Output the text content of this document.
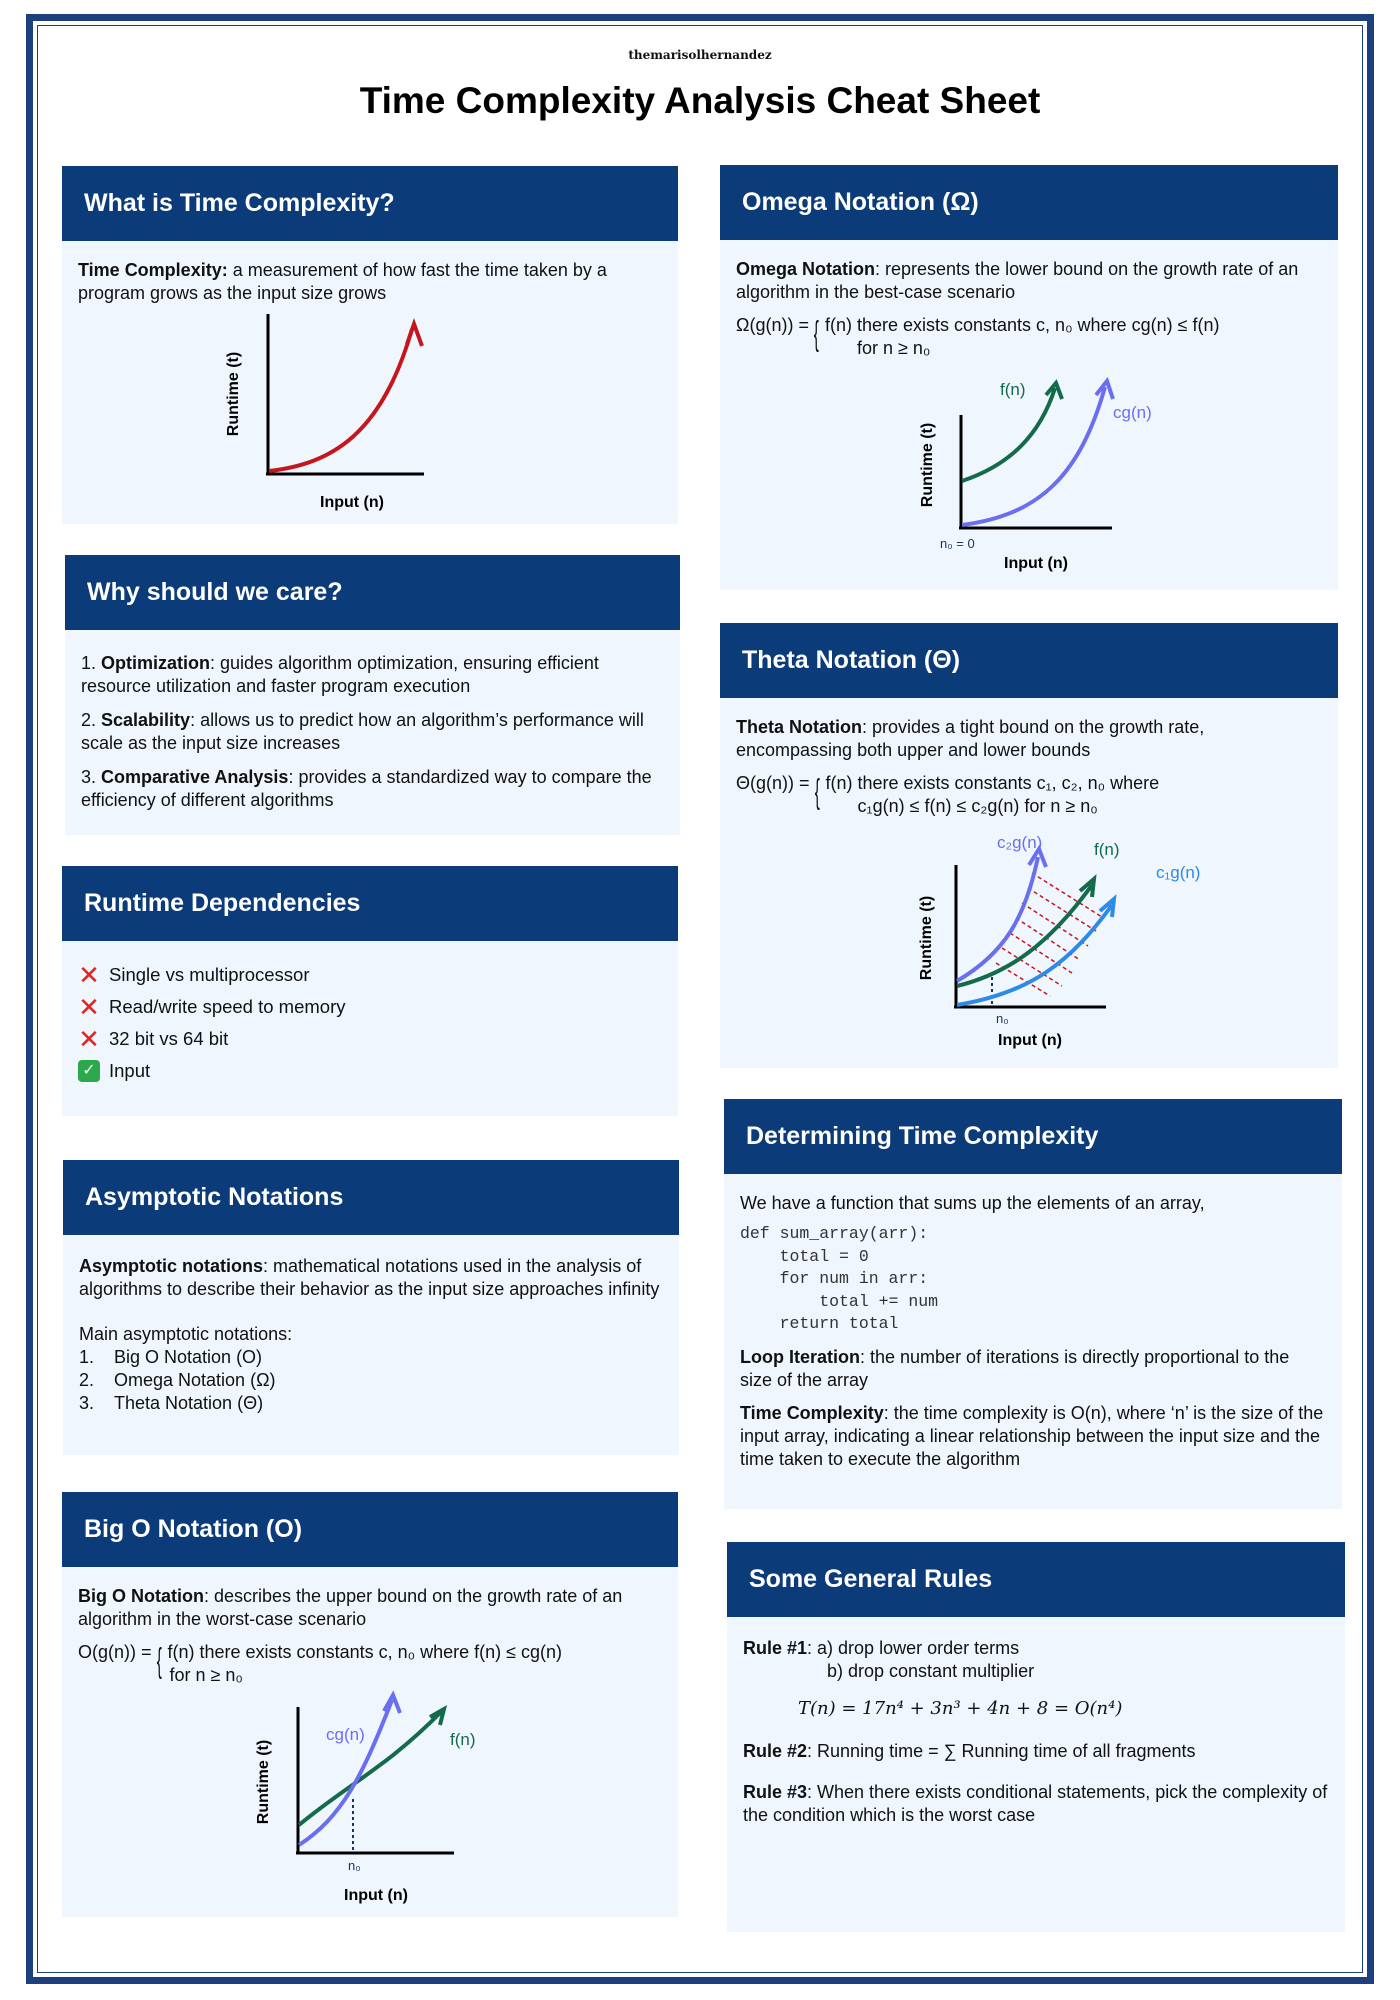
themarisolhernandez
Time Complexity Analysis Cheat Sheet
What is Time Complexity?
Time Complexity: a measurement of how fast the time taken by a program grows as the input size grows
Runtime (t)
Input (n)
Why should we care?
1. Optimization: guides algorithm optimization, ensuring efficient resource utilization and faster program execution
2. Scalability: allows us to predict how an algorithm’s performance will scale as the input size increases
3. Comparative Analysis: provides a standardized way to compare the efficiency of different algorithms
Runtime Dependencies
✕ Single vs multiprocessor
✕ Read/write speed to memory
✕ 32 bit vs 64 bit
✓ Input
Asymptotic Notations
Asymptotic notations: mathematical notations used in the analysis of algorithms to describe their behavior as the input size approaches infinity
Main asymptotic notations:
1. Big O Notation (O)
2. Omega Notation (Ω)
3. Theta Notation (Θ)
Big O Notation (O)
Big O Notation: describes the upper bound on the growth rate of an algorithm in the worst-case scenario
O(g(n)) = { f(n) there exists constants c, n₀ where f(n) ≤ cg(n)
for n ≥ n₀
cg(n)	f(n)
n₀
Runtime (t)
Input (n)
Omega Notation (Ω)
Omega Notation: represents the lower bound on the growth rate of an algorithm in the best-case scenario
Ω(g(n)) = { f(n) there exists constants c, n₀ where cg(n) ≤ f(n)
for n ≥ n₀
f(n)
cg(n)
n₀ = 0
Runtime (t)
Input (n)
Theta Notation (Θ)
Theta Notation: provides a tight bound on the growth rate, encompassing both upper and lower bounds
Θ(g(n)) = { f(n) there exists constants c₁, c₂, n₀ where
c₁g(n) ≤ f(n) ≤ c₂g(n) for n ≥ n₀
c₂g(n)	f(n)
c₁g(n)
n₀
Runtime (t)
Input (n)
Determining Time Complexity
We have a function that sums up the elements of an array,
def sum_array(arr):
total = 0
for num in arr:
total += num
return total
Loop Iteration: the number of iterations is directly proportional to the size of the array
Time Complexity: the time complexity is O(n), where ‘n’ is the size of the input array, indicating a linear relationship between the input size and the time taken to execute the algorithm
Some General Rules
Rule #1: a) drop lower order terms
b) drop constant multiplier
T(n) = 17n⁴ + 3n³ + 4n + 8 = O(n⁴)
Rule #2: Running time = ∑ Running time of all fragments
Rule #3: When there exists conditional statements, pick the complexity of the condition which is the worst case
